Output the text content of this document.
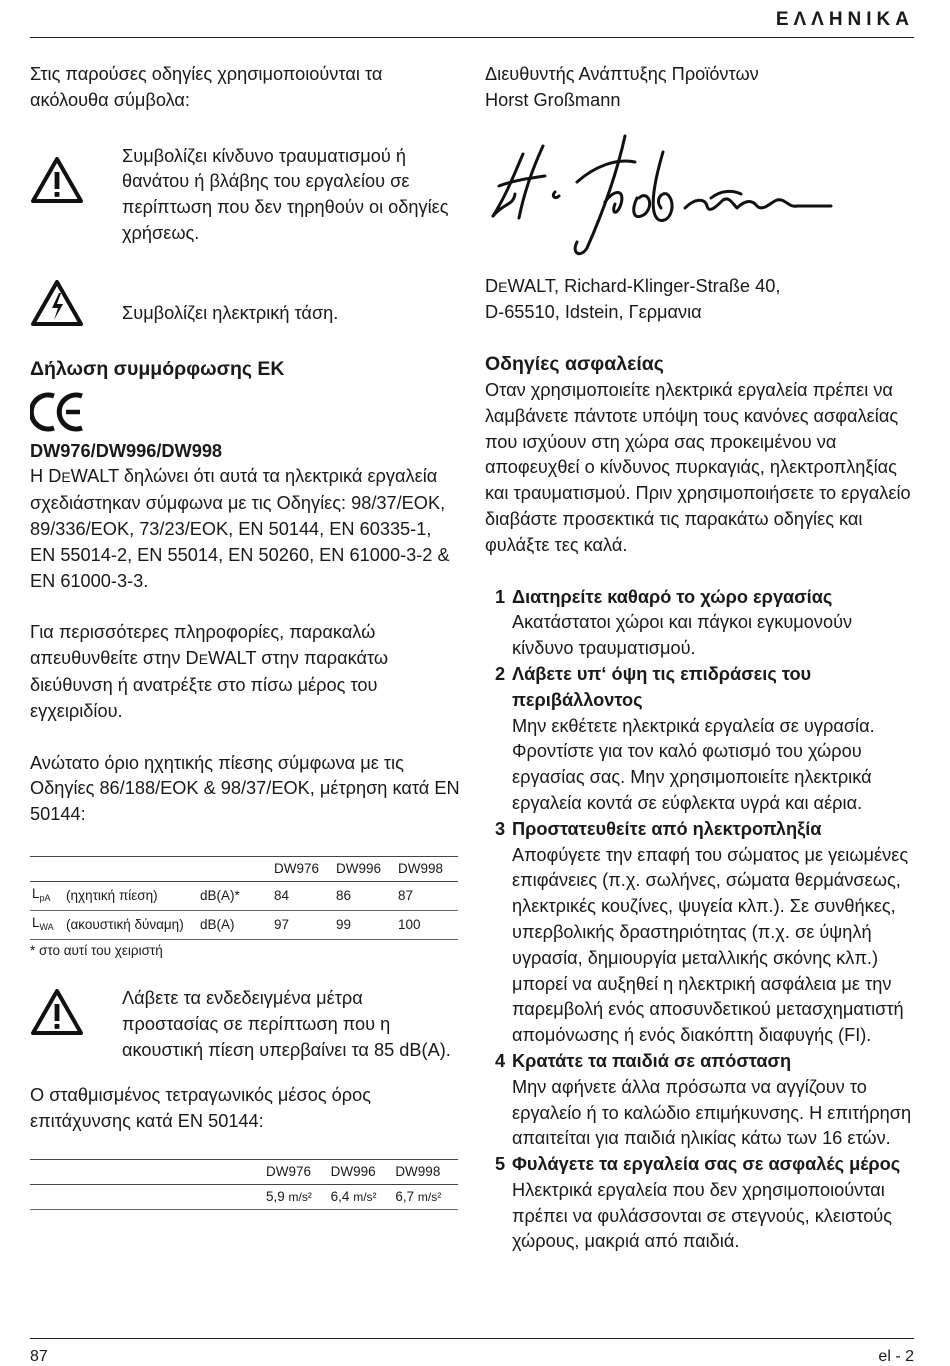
ΕΛΛΗΝΙΚΑ

Στις παρούσες οδηγίες χρησιμοποιούνται τα ακόλουθα σύμβολα:

Συμβολίζει κίνδυνο τραυματισμού ή θανάτου ή βλάβης του εργαλείου σε περίπτωση που δεν τηρηθούν οι οδηγίες χρήσεως.

Συμβολίζει ηλεκτρική τάση.

Δήλωση συμμόρφωσης ΕΚ

DW976/DW996/DW998

Η DEWALT δηλώνει ότι αυτά τα ηλεκτρικά εργαλεία σχεδιάστηκαν σύμφωνα με τις Οδηγίες: 98/37/ΕΟΚ, 89/336/ΕΟΚ, 73/23/ΕΟΚ, EN 50144, EN 60335-1, EN 55014-2, EN 55014, EN 50260, EN 61000-3-2 & EN 61000-3-3.

Για περισσότερες πληροφορίες, παρακαλώ απευθυνθείτε στην DEWALT στην παρακάτω διεύθυνση ή ανατρέξτε στο πίσω μέρος του εγχειριδίου.

Ανώτατο όριο ηχητικής πίεσης σύμφωνα με τις Οδηγίες 86/188/ΕΟΚ & 98/37/ΕΟΚ, μέτρηση κατά EN 50144:

			DW976	DW996	DW998
$L_{pA}$	(ηχητική πίεση)	dB(A)*	84	86	87
$L_{WA}$	(ακουστική δύναμη)	dB(A)	97	99	100

* στο αυτί του χειριστή

Λάβετε τα ενδεδειγμένα μέτρα προστασίας σε περίπτωση που η ακουστική πίεση υπερβαίνει τα 85 dB(A).

Ο σταθμισμένος τετραγωνικός μέσος όρος επιτάχυνσης κατά EN 50144:

	DW976	DW996	DW998
	5,9 m/s²	6,4 m/s²	6,7 m/s²

Διευθυντής Ανάπτυξης Προϊόντων

Horst Großmann

DEWALT, Richard-Klinger-Straße 40,

D-65510, Idstein, Γερμανια

Οδηγίες ασφαλείας

Οταν χρησιμοποιείτε ηλεκτρικά εργαλεία πρέπει να λαμβάνετε πάντοτε υπόψη τους κανόνες ασφαλείας που ισχύουν στη χώρα σας προκειμένου να αποφευχθεί ο κίνδυνος πυρκαγιάς, ηλεκτροπληξίας και τραυματισμού. Πριν χρησιμοποιήσετε το εργαλείο διαβάστε προσεκτικά τις παρακάτω οδηγίες και φυλάξτε τες καλά.

1 Διατηρείτε καθαρό το χώρο εργασίας

Ακατάστατοι χώροι και πάγκοι εγκυμονούν κίνδυνο τραυματισμού.

2 Λάβετε υπ‘ όψη τις επιδράσεις του περιβάλλοντος

Μην εκθέτετε ηλεκτρικά εργαλεία σε υγρασία. Φροντίστε για τον καλό φωτισμό του χώρου εργασίας σας. Μην χρησιμοποιείτε ηλεκτρικά εργαλεία κοντά σε εύφλεκτα υγρά και αέρια.

3 Προστατευθείτε από ηλεκτροπληξία

Αποφύγετε την επαφή του σώματος με γειωμένες επιφάνειες (π.χ. σωλήνες, σώματα θερμάνσεως, ηλεκτρικές κουζίνες, ψυγεία κλπ.). Σε συνθήκες, υπερβολικής δραστηριότητας (π.χ. σε ύψηλή υγρασία, δημιουργία μεταλλικής σκόνης κλπ.) μπορεί να αυξηθεί η ηλεκτρική ασφάλεια με την παρεμβολή ενός αποσυνδετικού μετασχηματιστή απομόνωσης ή ενός διακόπτη διαφυγής (FI).

4 Κρατάτε τα παιδιά σε απόσταση

Μην αφήνετε άλλα πρόσωπα να αγγίζουν το εργαλείο ή το καλώδιο επιμήκυνσης. Η επιτήρηση απαιτείται για παιδιά ηλικίας κάτω των 16 ετών.

5 Φυλάγετε τα εργαλεία σας σε ασφαλές μέρος

Ηλεκτρικά εργαλεία που δεν χρησιμοποιούνται πρέπει να φυλάσσονται σε στεγνούς, κλειστούς χώρους, μακριά από παιδιά.

87	el - 2
